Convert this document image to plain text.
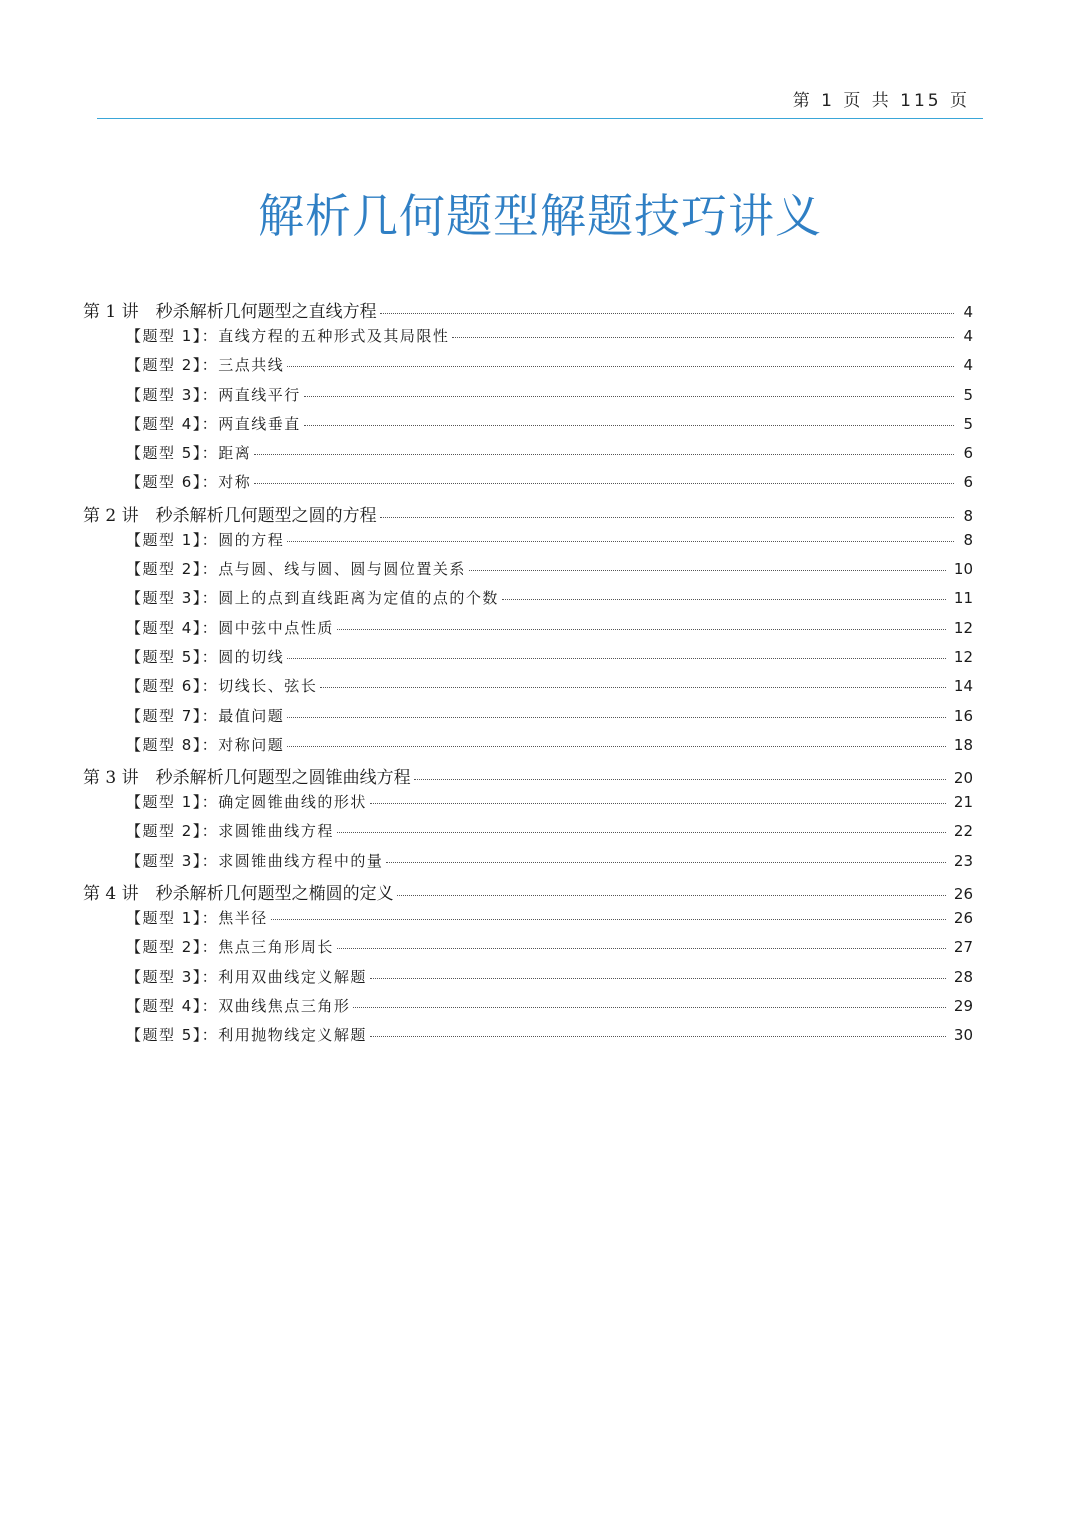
第 1 页 共 115 页
解析几何题型解题技巧讲义
第 1 讲　秒杀解析几何题型之直线方程	4
【题型 1】：直线方程的五种形式及其局限性	4
【题型 2】：三点共线	4
【题型 3】：两直线平行	5
【题型 4】：两直线垂直	5
【题型 5】：距离	6
【题型 6】：对称	6
第 2 讲　秒杀解析几何题型之圆的方程	8
【题型 1】：圆的方程	8
【题型 2】：点与圆、线与圆、圆与圆位置关系	10
【题型 3】：圆上的点到直线距离为定值的点的个数	11
【题型 4】：圆中弦中点性质	12
【题型 5】：圆的切线	12
【题型 6】：切线长、弦长	14
【题型 7】：最值问题	16
【题型 8】：对称问题	18
第 3 讲　秒杀解析几何题型之圆锥曲线方程	20
【题型 1】：确定圆锥曲线的形状	21
【题型 2】：求圆锥曲线方程	22
【题型 3】：求圆锥曲线方程中的量	23
第 4 讲　秒杀解析几何题型之椭圆的定义	26
【题型 1】：焦半径	26
【题型 2】：焦点三角形周长	27
【题型 3】：利用双曲线定义解题	28
【题型 4】：双曲线焦点三角形	29
【题型 5】：利用抛物线定义解题	30
